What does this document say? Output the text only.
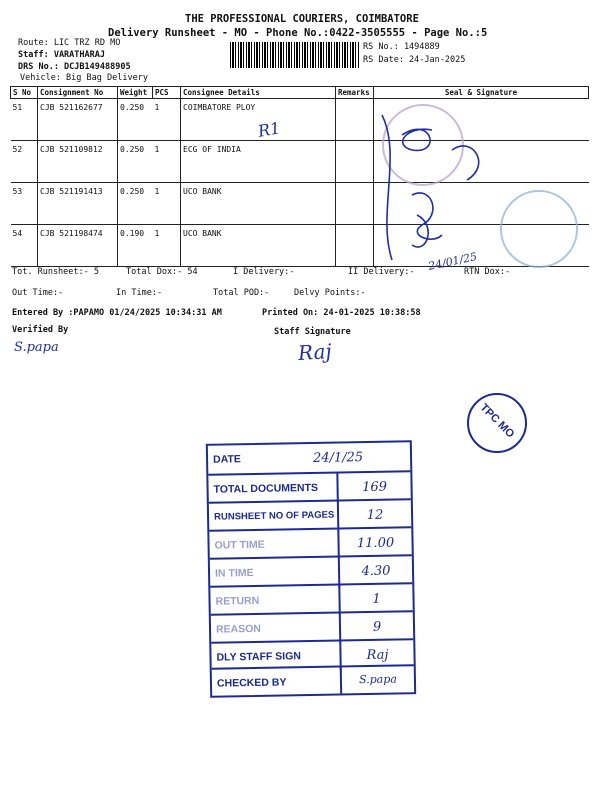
THE PROFESSIONAL COURIERS, COIMBATORE
Delivery Runsheet - MO - Phone No.:0422-3505555 - Page No.:5
Route: LIC TRZ RD MO
Staff: VARATHARAJ
DRS No.: DCJB149488905
Vehicle: Big Bag Delivery
RS No.: 1494889
RS Date: 24-Jan-2025
S No	Consignment No	Weight	PCS	Consignee Details	Remarks	Seal & Signature
51	CJB 521162677	0.250	1	COIMBATORE PLOY		
52	CJB 521109812	0.250	1	ECG OF INDIA		
53	CJB 521191413	0.250	1	UCO BANK		
54	CJB 521198474	0.190	1	UCO BANK		
R1
24/01/25
Tot. Runsheet:- 5	Total Dox:- 54	I Delivery:-	II Delivery:-	RTN Dox:-
Out Time:-	In Time:-	Total POD:-	Delvy Points:-
Entered By :PAPAMO 01/24/2025 10:34:31 AM	Printed On: 24-01-2025 10:38:58
Verified By	Staff Signature
S.papa	Raj
TPC MO
DATE	24/1/25
TOTAL DOCUMENTS	169
RUNSHEET NO OF PAGES	12
OUT TIME	11.00
IN TIME	4.30
RETURN	1
REASON	9
DLY STAFF SIGN	Raj
CHECKED BY	S.papa
